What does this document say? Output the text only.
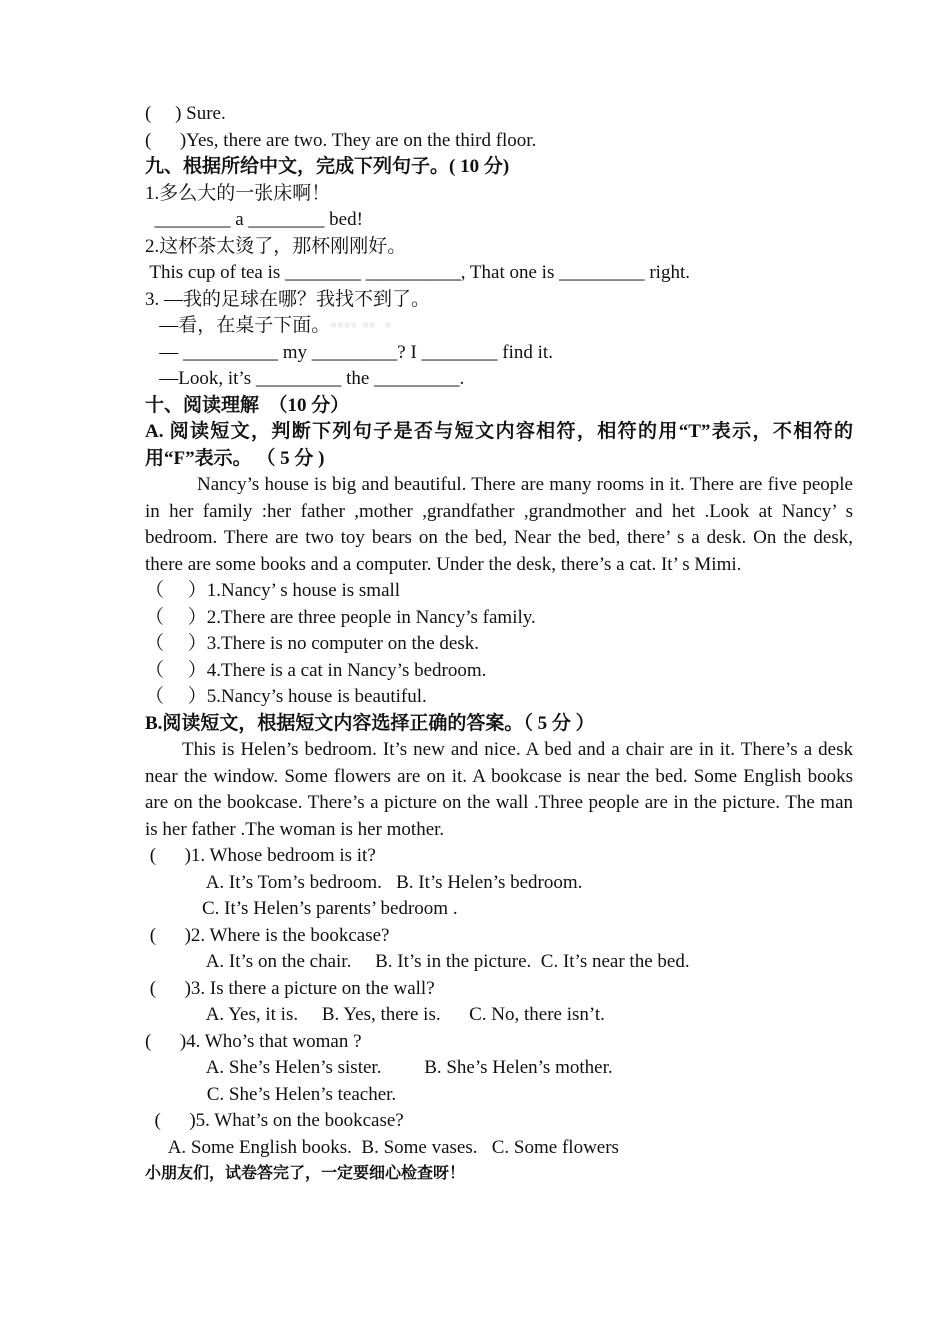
(     ) Sure.
(      )Yes, there are two. They are on the third floor.
九、根据所给中文，完成下列句子。( 10 分)
1.多么大的一张床啊！
________ a ________ bed!
2.这杯茶太烫了，那杯刚刚好。
This cup of tea is ________ __________, That one is _________ right.
3. —我的足球在哪？我找不到了。
—看，在桌子下面。▪▪▪▪ ▪▪  ▪
— __________ my _________? I ________ find it.
—Look, it’s _________ the _________.
十、阅读理解  （10 分）
A. 阅读短文，判断下列句子是否与短文内容相符，相符的用“T”表示，不相符的用“F”表示。 （ 5 分 )
Nancy’s house is big and beautiful. There are many rooms in it. There are five people in her family :her father ,mother ,grandfather ,grandmother and het .Look at Nancy’ s bedroom. There are two toy bears on the bed, Near the bed, there’ s a desk. On the desk, there are some books and a computer. Under the desk, there’s a cat. It’ s Mimi.
（     ）1.Nancy’ s house is small
（     ）2.There are three people in Nancy’s family.
（     ）3.There is no computer on the desk.
（     ）4.There is a cat in Nancy’s bedroom.
（     ）5.Nancy’s house is beautiful.
B.阅读短文，根据短文内容选择正确的答案。（ 5 分 ）
This is Helen’s bedroom. It’s new and nice. A bed and a chair are in it. There’s a desk near the window. Some flowers are on it. A bookcase is near the bed. Some English books are on the bookcase. There’s a picture on the wall .Three people are in the picture. The man is her father .The woman is her mother.
(      )1. Whose bedroom is it?
A. It’s Tom’s bedroom.   B. It’s Helen’s bedroom.
C. It’s Helen’s parents’ bedroom .
(      )2. Where is the bookcase?
A. It’s on the chair.     B. It’s in the picture.  C. It’s near the bed.
(      )3. Is there a picture on the wall?
A. Yes, it is.     B. Yes, there is.      C. No, there isn’t.
(      )4. Who’s that woman ?
A. She’s Helen’s sister.         B. She’s Helen’s mother.
C. She’s Helen’s teacher.
(      )5. What’s on the bookcase?
A. Some English books.  B. Some vases.   C. Some flowers
小朋友们，试卷答完了，一定要细心检查呀！
